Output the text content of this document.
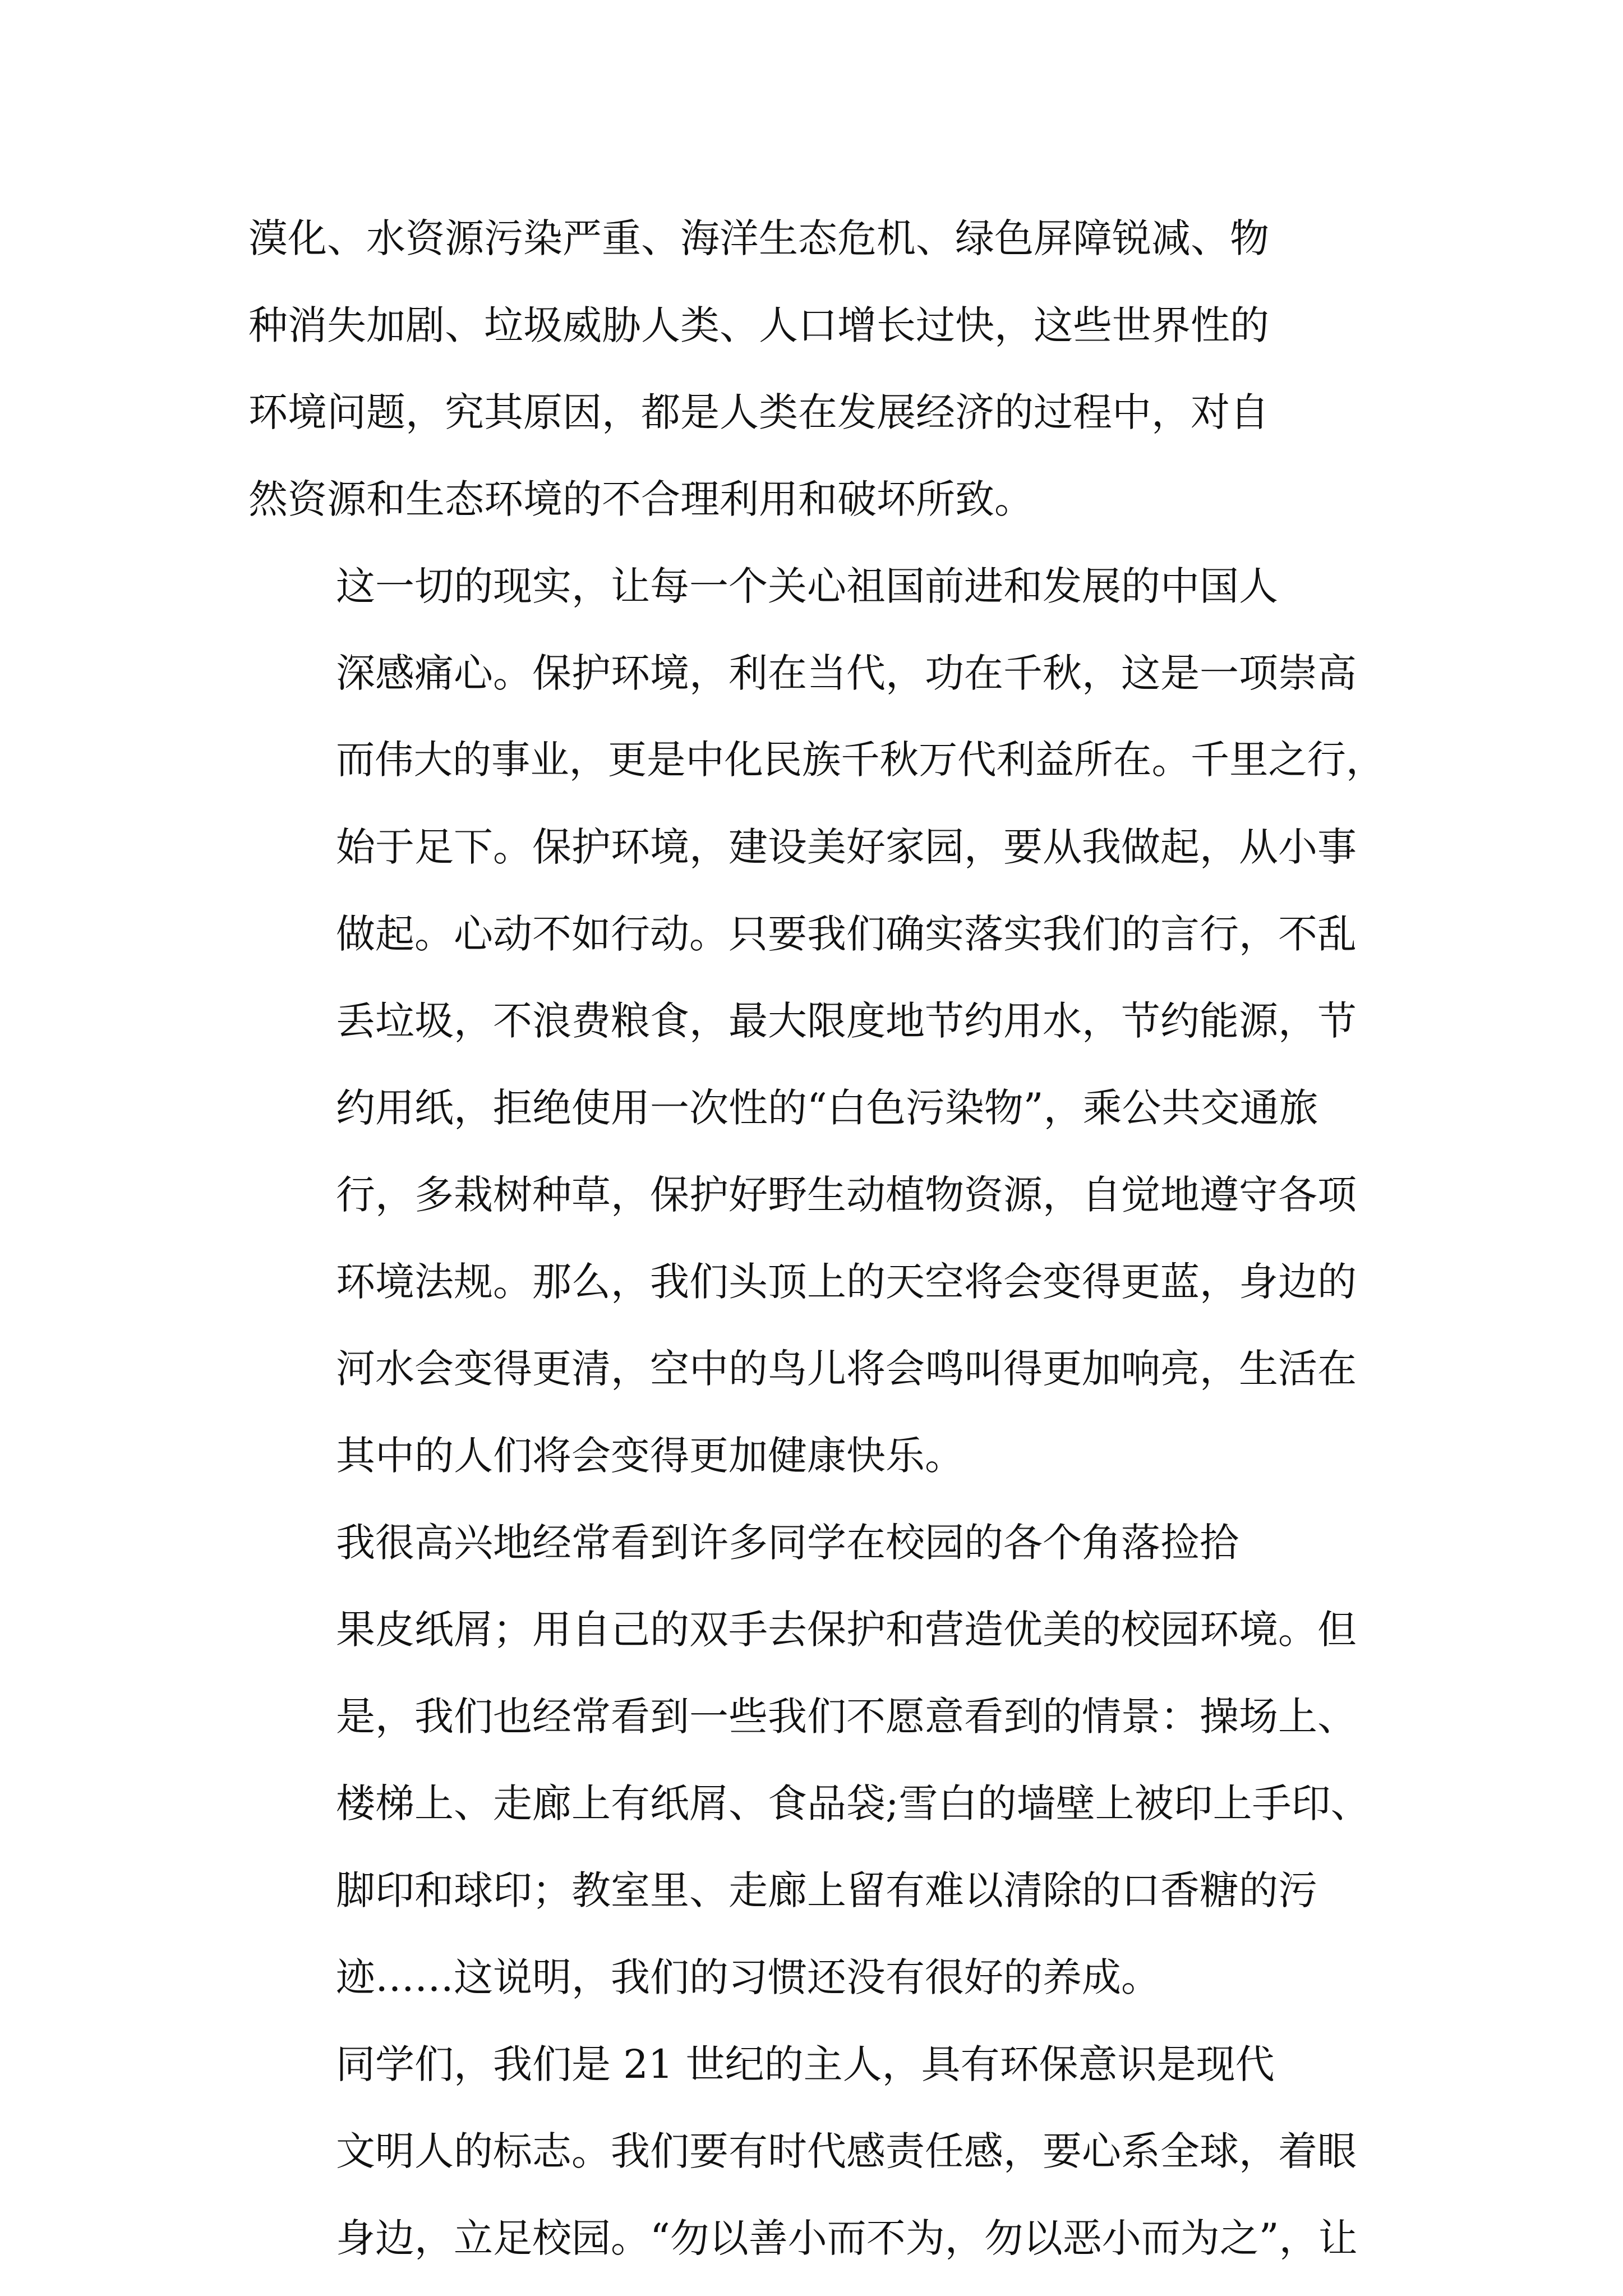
漠化、水资源污染严重、海洋生态危机、绿色屏障锐减、物
种消失加剧、垃圾威胁人类、人口增长过快，这些世界性的
环境问题，究其原因，都是人类在发展经济的过程中，对自
然资源和生态环境的不合理利用和破坏所致。

这一切的现实，让每一个关心祖国前进和发展的中国人
深感痛心。保护环境，利在当代，功在千秋，这是一项崇高
而伟大的事业，更是中化民族千秋万代利益所在。千里之行，
始于足下。保护环境，建设美好家园，要从我做起，从小事
做起。心动不如行动。只要我们确实落实我们的言行，不乱
丢垃圾，不浪费粮食，最大限度地节约用水，节约能源，节
约用纸，拒绝使用一次性的“白色污染物”，乘公共交通旅
行，多栽树种草，保护好野生动植物资源，自觉地遵守各项
环境法规。那么，我们头顶上的天空将会变得更蓝，身边的
河水会变得更清，空中的鸟儿将会鸣叫得更加响亮，生活在
其中的人们将会变得更加健康快乐。

我很高兴地经常看到许多同学在校园的各个角落捡拾
果皮纸屑；用自己的双手去保护和营造优美的校园环境。但
是，我们也经常看到一些我们不愿意看到的情景：操场上、
楼梯上、走廊上有纸屑、食品袋;雪白的墙壁上被印上手印、
脚印和球印；教室里、走廊上留有难以清除的口香糖的污
迹……这说明，我们的习惯还没有很好的养成。

同学们，我们是 21 世纪的主人，具有环保意识是现代
文明人的标志。我们要有时代感责任感，要心系全球，着眼
身边，立足校园。“勿以善小而不为，勿以恶小而为之”，让
